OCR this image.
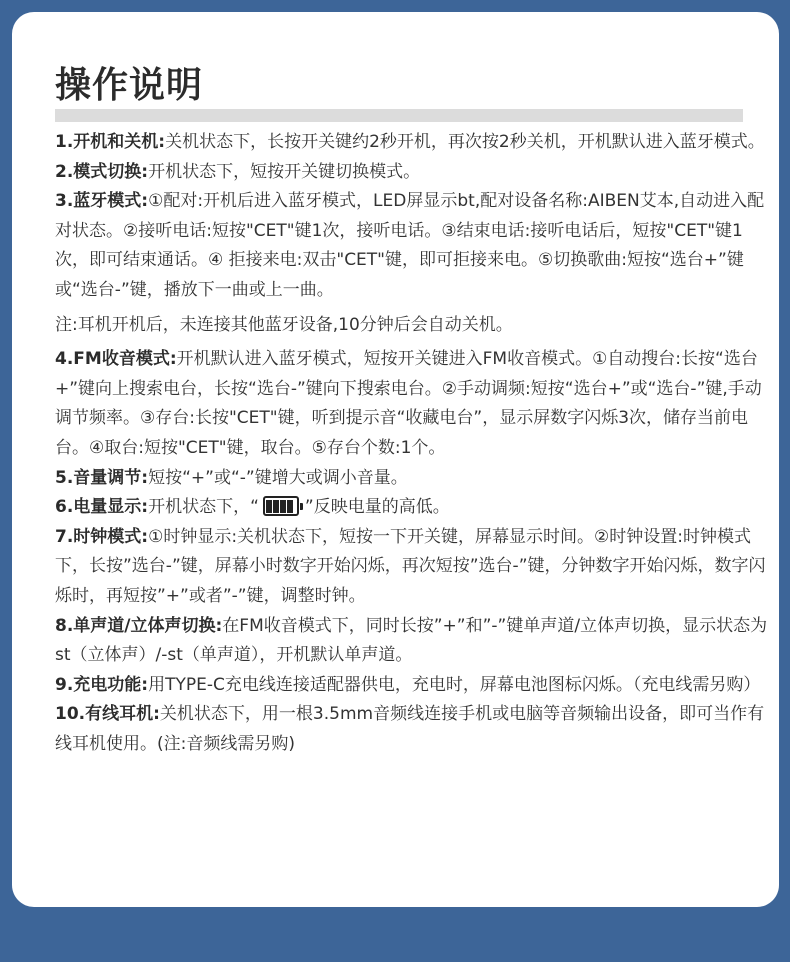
操作说明

1.开机和关机:关机状态下，长按开关键约2秒开机，再次按2秒关机，开机默认进入蓝牙模式。

2.模式切换:开机状态下，短按开关键切换模式。

3.蓝牙模式:①配对:开机后进入蓝牙模式，LED屏显示bt,配对设备名称:AIBEN艾本,自动进入配对状态。②接听电话:短按"CET"键1次，接听电话。③结束电话:接听电话后，短按"CET"键1次，即可结束通话。④ 拒接来电:双击"CET"键，即可拒接来电。⑤切换歌曲:短按“选台+”键或“选台-”键，播放下一曲或上一曲。

注:耳机开机后，未连接其他蓝牙设备,10分钟后会自动关机。

4.FM收音模式:开机默认进入蓝牙模式，短按开关键进入FM收音模式。①自动搜台:长按“选台+”键向上搜索电台，长按“选台-”键向下搜索电台。②手动调频:短按“选台+”或“选台-”键,手动调节频率。③存台:长按"CET"键，听到提示音“收藏电台”，显示屏数字闪烁3次，储存当前电台。④取台:短按"CET"键，取台。⑤存台个数:1个。

5.音量调节:短按“+”或“-”键增大或调小音量。

6.电量显示:开机状态下，“	”反映电量的高低。

7.时钟模式:①时钟显示:关机状态下，短按一下开关键，屏幕显示时间。②时钟设置:时钟模式下，长按”选台-”键，屏幕小时数字开始闪烁，再次短按”选台-”键，分钟数字开始闪烁，数字闪烁时，再短按”+”或者”-”键，调整时钟。

8.单声道/立体声切换:在FM收音模式下，同时长按”+”和”-”键单声道/立体声切换，显示状态为st（立体声）/-st（单声道），开机默认单声道。

9.充电功能:用TYPE-C充电线连接适配器供电，充电时，屏幕电池图标闪烁。（充电线需另购）

10.有线耳机:关机状态下，用一根3.5mm音频线连接手机或电脑等音频输出设备，即可当作有线耳机使用。(注:音频线需另购)
